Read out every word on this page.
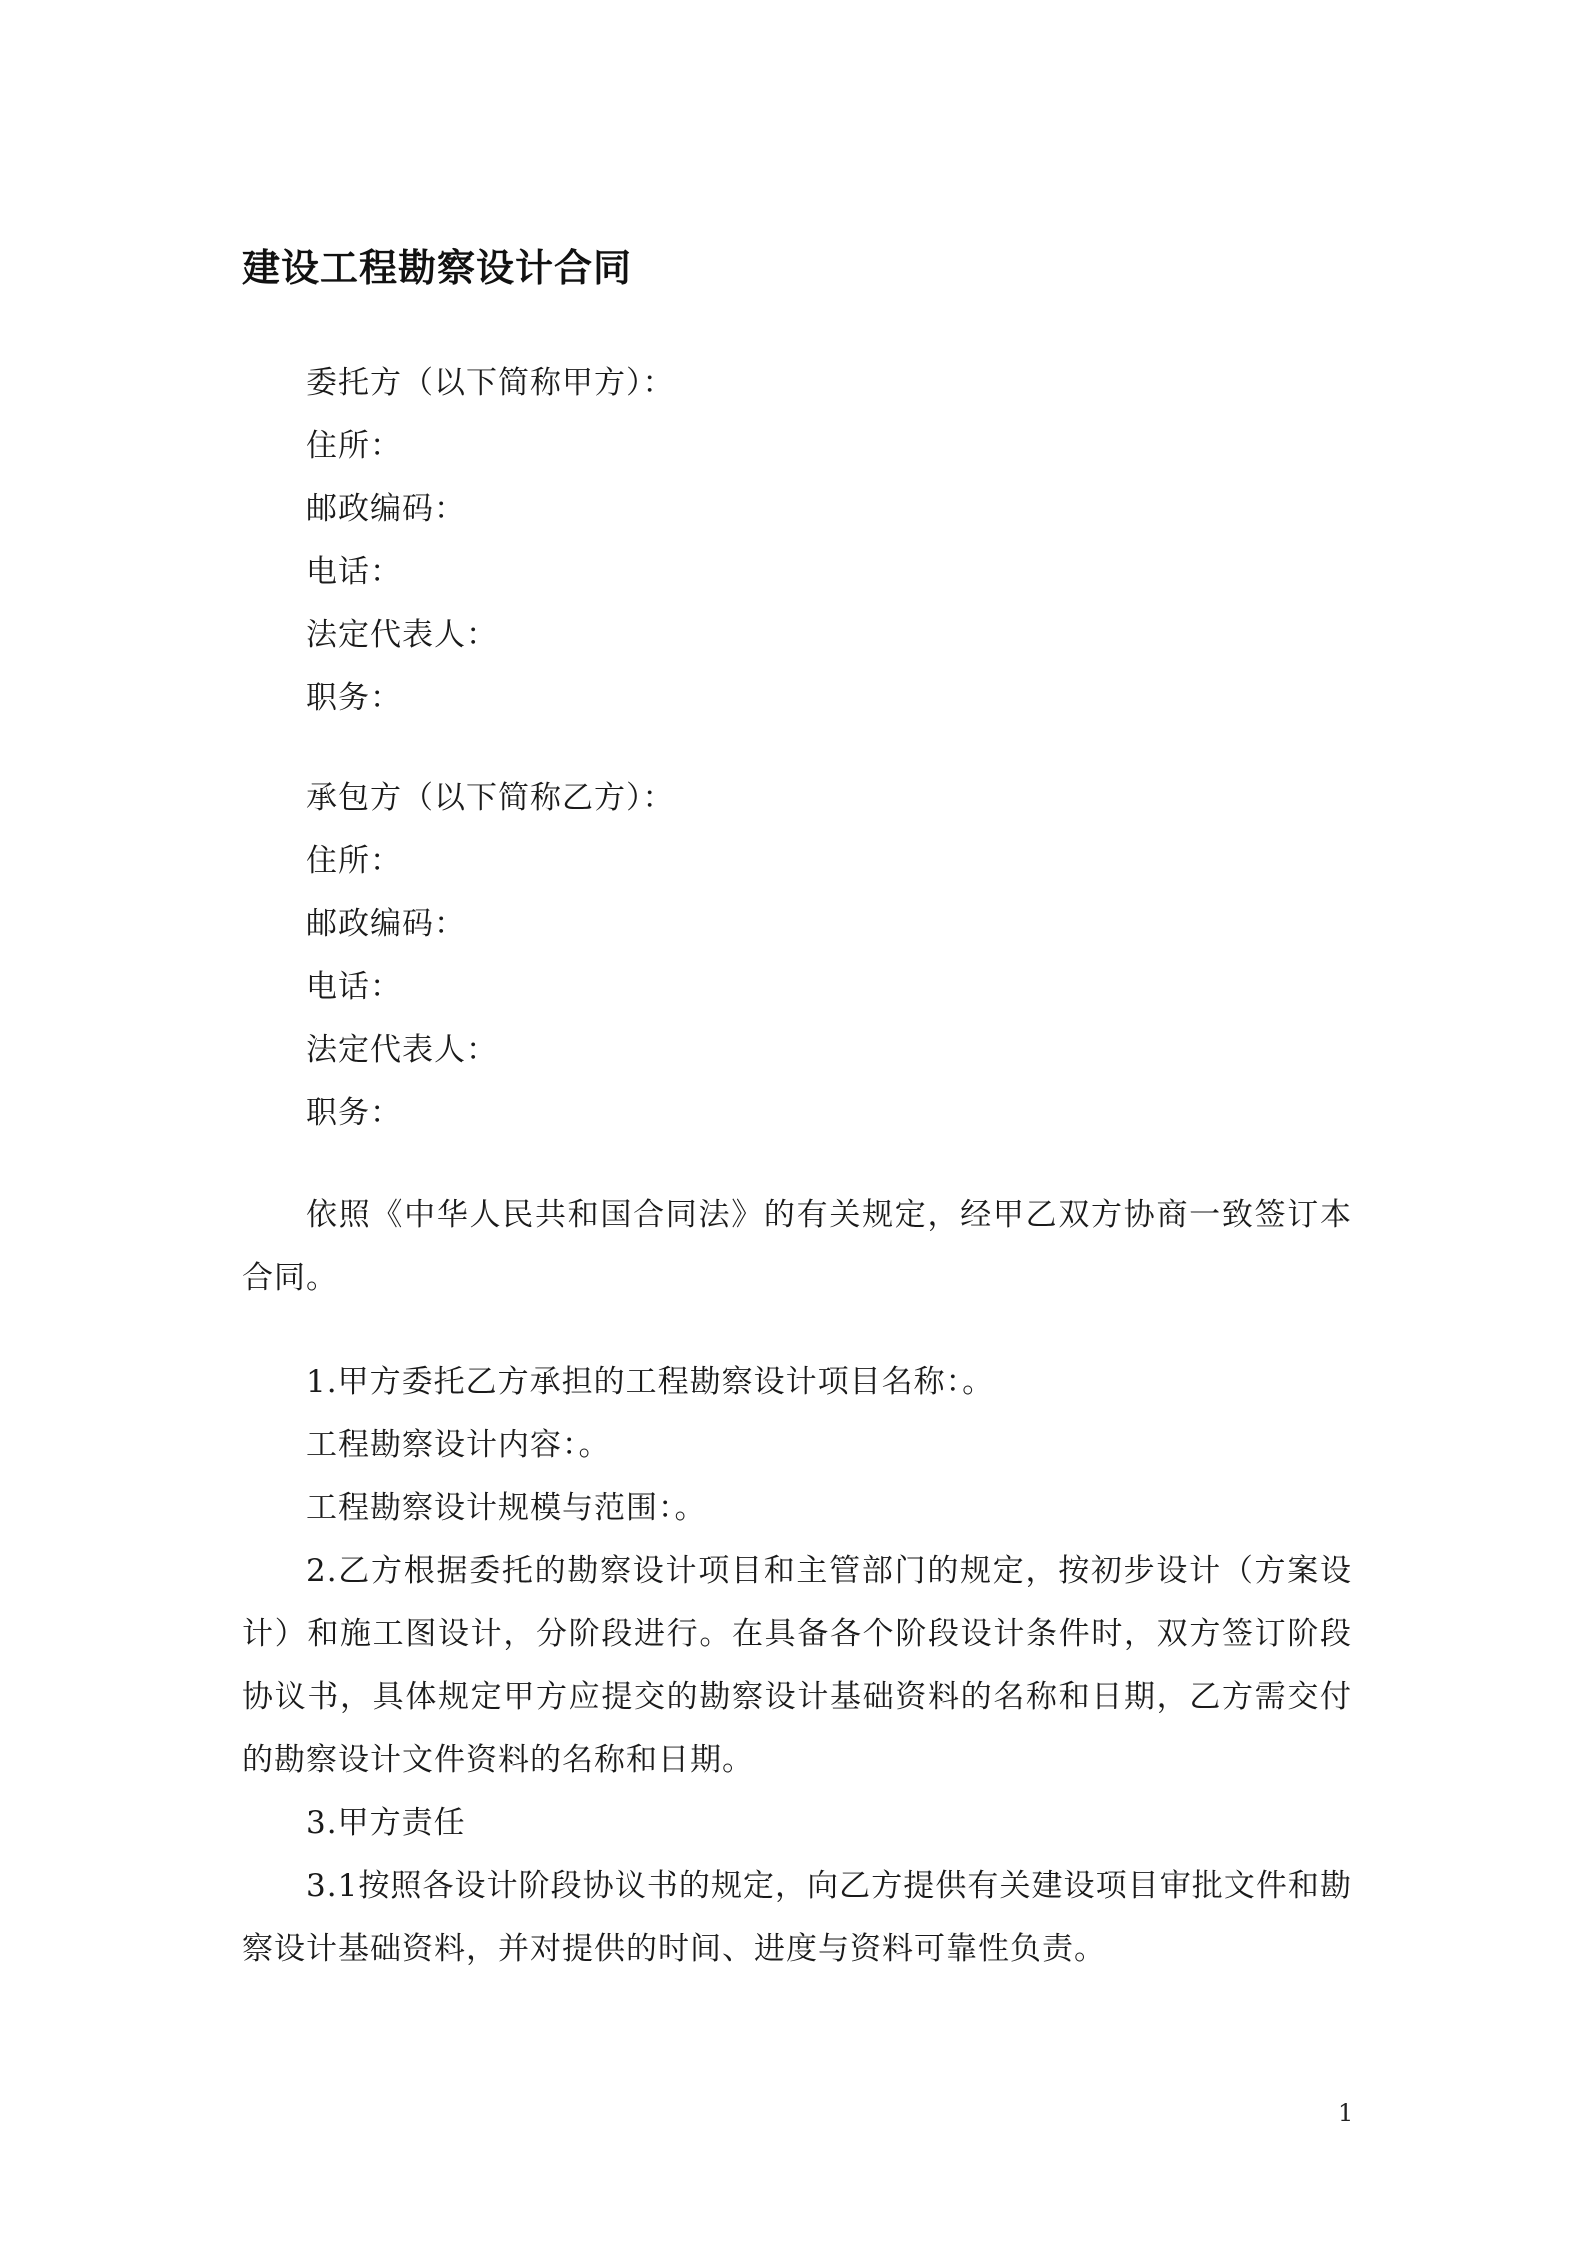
建设工程勘察设计合同
委托方（以下简称甲方）：
住所：
邮政编码：
电话：
法定代表人：
职务：
承包方（以下简称乙方）：
住所：
邮政编码：
电话：
法定代表人：
职务：

依照《中华人民共和国合同法》的有关规定，经甲乙双方协商一致签订本合同。

1.甲方委托乙方承担的工程勘察设计项目名称：。
工程勘察设计内容：。
工程勘察设计规模与范围：。

2.乙方根据委托的勘察设计项目和主管部门的规定，按初步设计（方案设计）和施工图设计，分阶段进行。在具备各个阶段设计条件时，双方签订阶段协议书，具体规定甲方应提交的勘察设计基础资料的名称和日期，乙方需交付的勘察设计文件资料的名称和日期。

3.甲方责任

3.1按照各设计阶段协议书的规定，向乙方提供有关建设项目审批文件和勘察设计基础资料，并对提供的时间、进度与资料可靠性负责。

1
